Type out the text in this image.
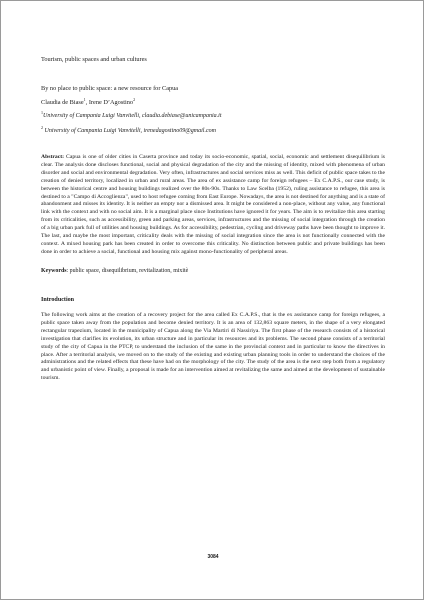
Tourism, public spaces and urban cultures
By no place to public space: a new resource for Capua
Claudia de Biase$^1$, Irene D’Agostino$^2$
$^1$University of Campania Luigi Vanvitelli, claudia.debiase@unicampania.it
$^2$ University of Campania Luigi Vanvitelli, irenedagostino09@gmail.com
Abstract: Capua is one of older cities in Caserta province and today its socio-economic, spatial, social, economic and settlement disequilibrium is clear. The analysis done discloses functional, social and physical degradation of the city and the missing of identity, mixed with phenomena of urban disorder and social and environmental degradation. Very often, infrastructures and social services miss as well. This deficit of public space takes to the creation of denied territory, localized in urban and rural areas. The area of ex assistance camp for foreign refugees – Ex C.A.P.S., our case study, is between the historical centre and housing buildings realized over the 80s-90s. Thanks to Law Scelba (1952), ruling assistance to refugee, this area is destined to a "Campo di Accoglienza", used to host refugee coming from East Europe. Nowadays, the area is not destined for anything and is a state of abandonment and misses its identity. It is neither an empty nor a dismissed area. It might be considered a non-place, without any value, any functional link with the context and with no social aim. It is a marginal place since Institutions have ignored it for years. The aim is to revitalize this area starting from its criticalities, such as accessibility, green and parking areas, services, infrastructures and the missing of social integration through the creation of a big urban park full of utilities and housing buildings. As for accessibility, pedestrian, cycling and driveway paths have been thought to improve it. The last, and maybe the most important, criticality deals with the missing of social integration since the area is not functionally connected with the context. A mixed housing park has been created in order to overcome this criticality. No distinction between public and private buildings has been done in order to achieve a social, functional and housing mix against mono-functionality of peripheral areas.
Keywords: public space, disequilibrium, revitalization, mixitè
Introduction
The following work aims at the creation of a recovery project for the area called Ex C.A.P.S., that is the ex assistance camp for foreign refugees, a public space taken away from the population and become denied territory. It is an area of 132,863 square meters, in the shape of a very elongated rectangular trapezium, located in the municipality of Capua along the Via Martiri di Nassiriya. The first phase of the research consists of a historical investigation that clarifies its evolution, its urban structure and in particular its resources and its problems. The second phase consists of a territorial study of the city of Capua in the PTCP, to understand the inclusion of the same in the provincial context and in particular to know the directives in place. After a territorial analysis, we moved on to the study of the existing and existing urban planning tools in order to understand the choices of the administrations and the related effects that these have had on the morphology of the city. The study of the area is the next step both from a regulatory and urbanistic point of view. Finally, a proposal is made for an intervention aimed at revitalizing the same and aimed at the development of sustainable tourism.
3084
